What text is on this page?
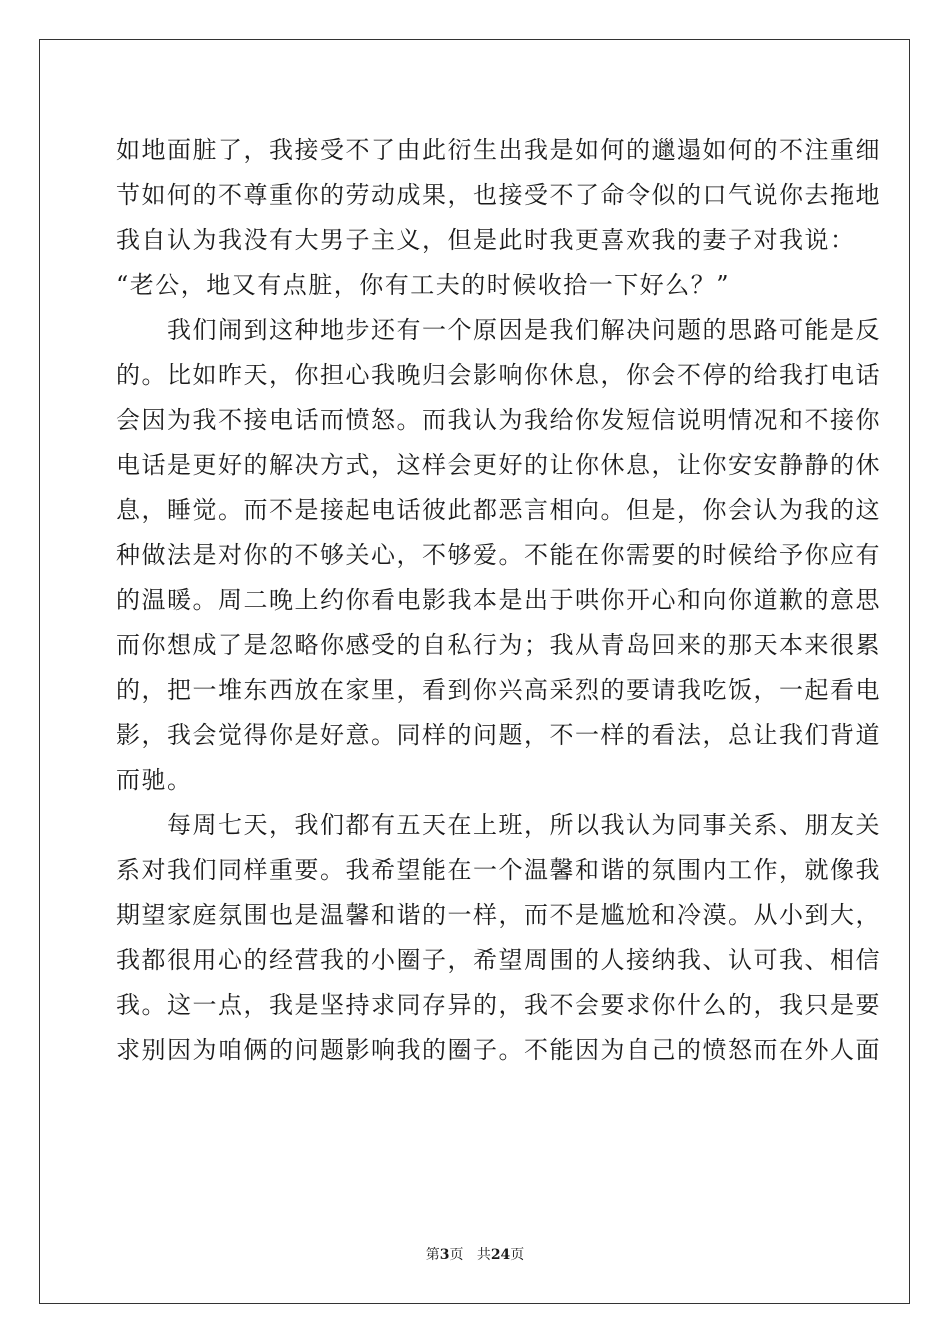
如地面脏了，我接受不了由此衍生出我是如何的邋遢如何的不注重细
节如何的不尊重你的劳动成果，也接受不了命令似的口气说你去拖地
我自认为我没有大男子主义，但是此时我更喜欢我的妻子对我说：
“老公，地又有点脏，你有工夫的时候收拾一下好么？”
　　我们闹到这种地步还有一个原因是我们解决问题的思路可能是反
的。比如昨天，你担心我晚归会影响你休息，你会不停的给我打电话
会因为我不接电话而愤怒。而我认为我给你发短信说明情况和不接你
电话是更好的解决方式，这样会更好的让你休息，让你安安静静的休
息，睡觉。而不是接起电话彼此都恶言相向。但是，你会认为我的这
种做法是对你的不够关心，不够爱。不能在你需要的时候给予你应有
的温暖。周二晚上约你看电影我本是出于哄你开心和向你道歉的意思
而你想成了是忽略你感受的自私行为；我从青岛回来的那天本来很累
的，把一堆东西放在家里，看到你兴高采烈的要请我吃饭，一起看电
影，我会觉得你是好意。同样的问题，不一样的看法，总让我们背道
而驰。
　　每周七天，我们都有五天在上班，所以我认为同事关系、朋友关
系对我们同样重要。我希望能在一个温馨和谐的氛围内工作，就像我
期望家庭氛围也是温馨和谐的一样，而不是尴尬和冷漠。从小到大，
我都很用心的经营我的小圈子，希望周围的人接纳我、认可我、相信
我。这一点，我是坚持求同存异的，我不会要求你什么的，我只是要
求别因为咱俩的问题影响我的圈子。不能因为自己的愤怒而在外人面
第3页 共24页
